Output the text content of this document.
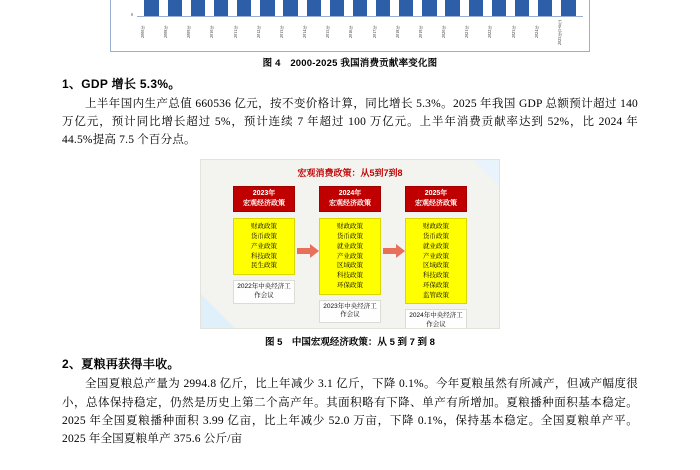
0
2000年	2008年	2009年	2010年	2011年	2012年	2013年	2014年	2015年	2016年	2017年	2018年	2019年	2020年	2021年	2022年	2023年	2024年	2025年(1-6月)
图 4　2000-2025 我国消费贡献率变化图
1、GDP 增长 5.3%。
上半年国内生产总值 660536 亿元，按不变价格计算，同比增长 5.3%。2025 年我国 GDP 总额预计超过 140 万亿元，预计同比增长超过 5%，预计连续 7 年超过 100 万亿元。上半年消费贡献率达到 52%，比 2024 年 44.5%提高 7.5 个百分点。
宏观消费政策：从5到7到8
2023年
宏观经济政策
财政政策
货币政策
产业政策
科技政策
民生政策
2022年中央经济工作会议
2024年
宏观经济政策
财政政策
货币政策
就业政策
产业政策
区域政策
科技政策
环保政策
2023年中央经济工作会议
2025年
宏观经济政策
财政政策
货币政策
就业政策
产业政策
区域政策
科技政策
环保政策
监管政策
2024年中央经济工作会议
图 5　中国宏观经济政策：从 5 到 7 到 8
2、夏粮再获得丰收。
全国夏粮总产量为 2994.8 亿斤，比上年减少 3.1 亿斤，下降 0.1%。今年夏粮虽然有所减产，但减产幅度很小，总体保持稳定，仍然是历史上第二个高产年。其面积略有下降、单产有所增加。夏粮播种面积基本稳定。2025 年全国夏粮播种面积 3.99 亿亩，比上年减少 52.0 万亩，下降 0.1%，保持基本稳定。全国夏粮单产平。2025 年全国夏粮单产 375.6 公斤/亩
